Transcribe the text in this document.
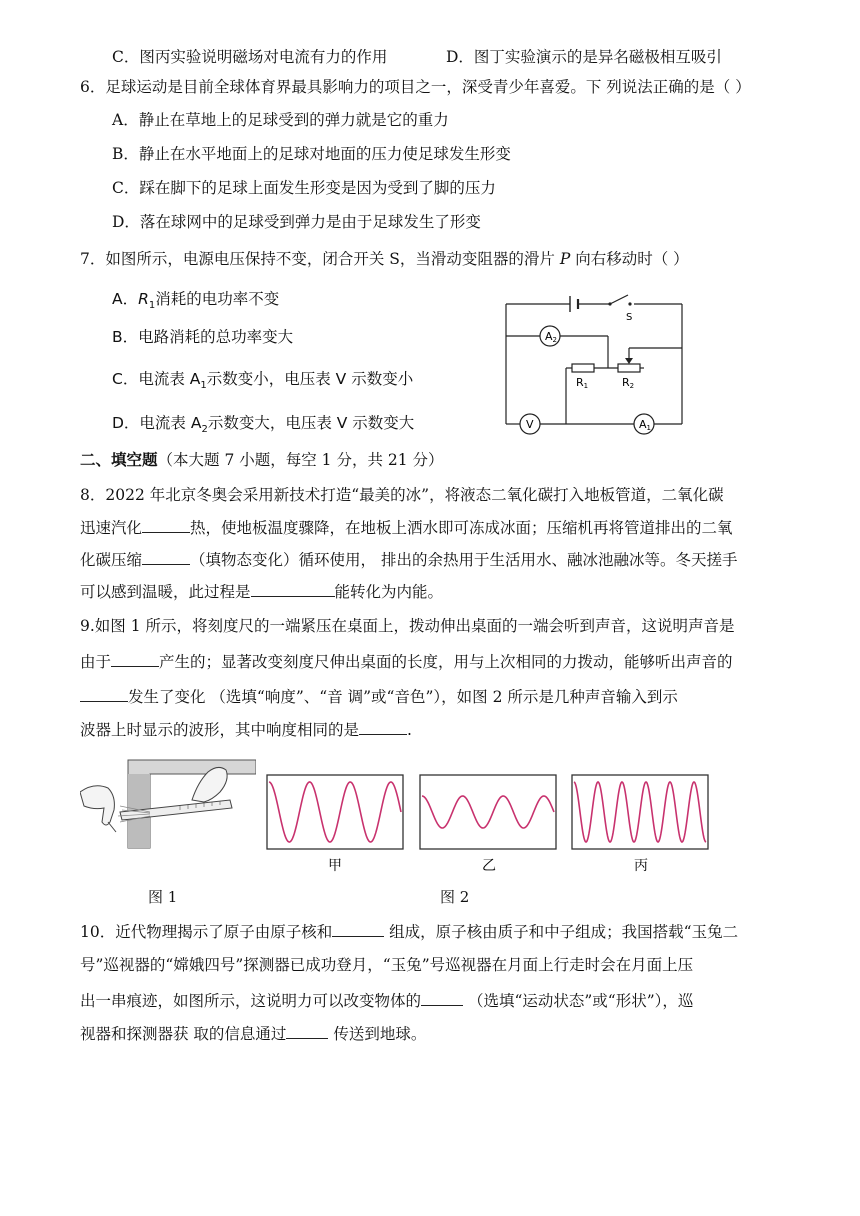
C．图丙实验说明磁场对电流有力的作用	D．图丁实验演示的是异名磁极相互吸引
6．足球运动是目前全球体育界最具影响力的项目之一，深受青少年喜爱。下 列说法正确的是（ ）
A．静止在草地上的足球受到的弹力就是它的重力
B．静止在水平地面上的足球对地面的压力使足球发生形变
C．踩在脚下的足球上面发生形变是因为受到了脚的压力
D．落在球网中的足球受到弹力是由于足球发生了形变
7．如图所示，电源电压保持不变，闭合开关 S，当滑动变阻器的滑片 P 向右移动时（ ）
A．$R_1$消耗的电功率不变
B．电路消耗的总功率变大
C．电流表 $A_1$示数变小，电压表 V 示数变小
D．电流表 $A_2$示数变大，电压表 V 示数变大
A2
V	A1
S
R1	R2
二、填空题（本大题 7 小题，每空 1 分，共 21 分）
8．2022 年北京冬奥会采用新技术打造“最美的冰”，将液态二氧化碳打入地板管道，二氧化碳
迅速汽化	热，使地板温度骤降，在地板上洒水即可冻成冰面；压缩机再将管道排出的二氧
化碳压缩	（填物态变化）循环使用， 排出的余热用于生活用水、融冰池融冰等。冬天搓手
可以感到温暖，此过程是	能转化为内能。
9.如图 1 所示，将刻度尺的一端紧压在桌面上，拨动伸出桌面的一端会听到声音，这说明声音是
由于	产生的；显著改变刻度尺伸出桌面的长度，用与上次相同的力拨动，能够听出声音的
发生了变化 （选填“响度”、“音 调”或“音色”），如图 2 所示是几种声音输入到示
波器上时显示的波形，其中响度相同的是	.
甲	乙	丙
图 1	图 2
10．近代物理揭示了原子由原子核和	组成，原子核由质子和中子组成；我国搭载“玉兔二
号”巡视器的“嫦娥四号”探测器已成功登月，“玉兔”号巡视器在月面上行走时会在月面上压
出一串痕迹，如图所示，这说明力可以改变物体的	（选填“运动状态”或“形状”），巡
视器和探测器获 取的信息通过	传送到地球。
